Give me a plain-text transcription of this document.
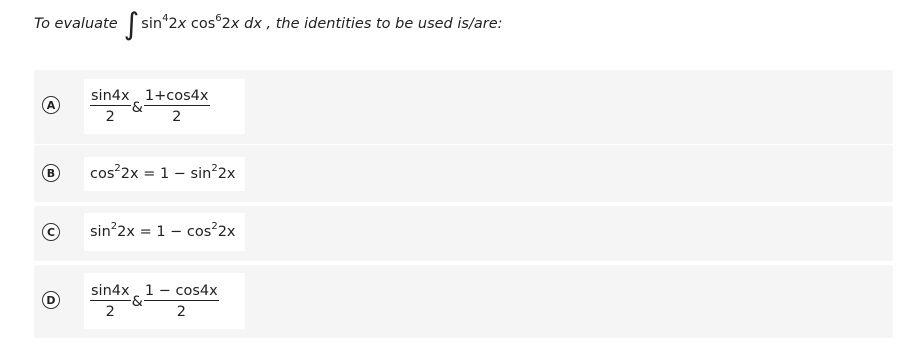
To evaluate ∫ $\sin^42x$ $\cos^62x$ dx
, the identities to be used is/are:
A	$\frac{\sin 4x}{2}$ & $\frac{1+\cos 4x}{2}$
B	$\cos^22x = 1 - \sin^22x$
C	$\sin^22x = 1 - \cos^22x$
D	$\frac{\sin 4x}{2}$ & $\frac{1 - \cos 4x}{2}$
